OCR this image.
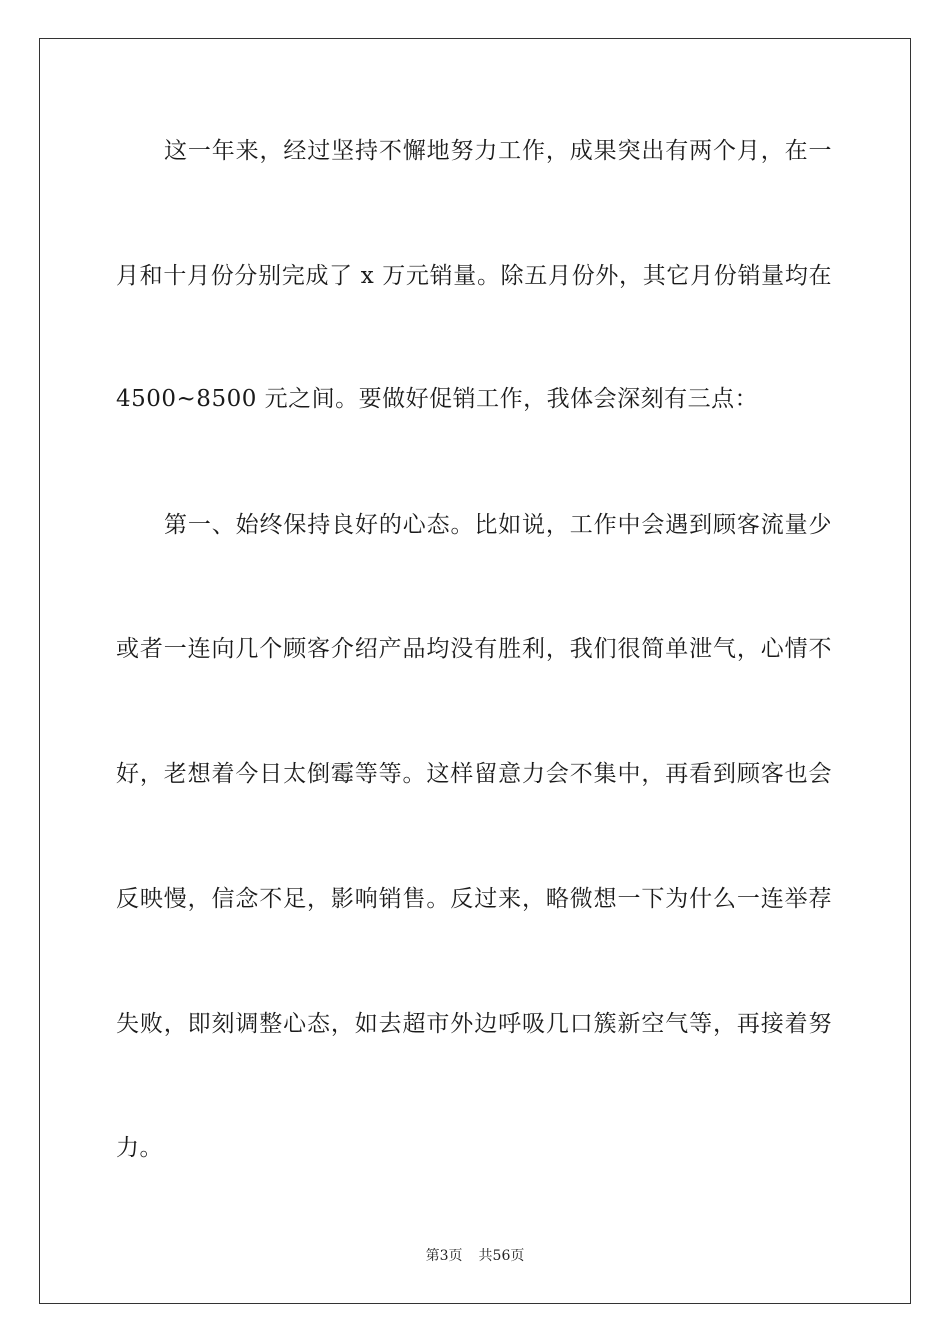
这一年来，经过坚持不懈地努力工作，成果突出有两个月，在一
月和十月份分别完成了 x 万元销量。除五月份外，其它月份销量均在
4500~8500 元之间。要做好促销工作，我体会深刻有三点：
第一、始终保持良好的心态。比如说，工作中会遇到顾客流量少
或者一连向几个顾客介绍产品均没有胜利，我们很简单泄气，心情不
好，老想着今日太倒霉等等。这样留意力会不集中，再看到顾客也会
反映慢，信念不足，影响销售。反过来，略微想一下为什么一连举荐
失败，即刻调整心态，如去超市外边呼吸几口簇新空气等，再接着努
力。
第3页 共56页
